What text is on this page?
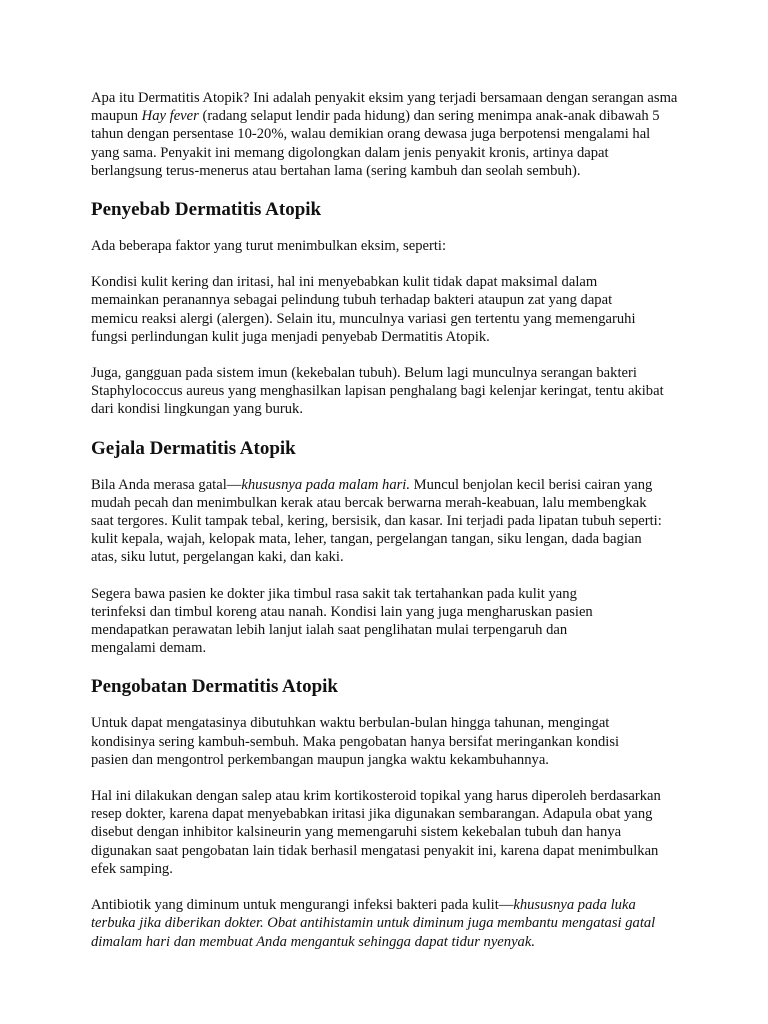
Apa itu Dermatitis Atopik? Ini adalah penyakit eksim yang terjadi bersamaan dengan serangan asma maupun Hay fever (radang selaput lendir pada hidung) dan sering menimpa anak-anak dibawah 5 tahun dengan persentase 10-20%, walau demikian orang dewasa juga berpotensi mengalami hal yang sama. Penyakit ini memang digolongkan dalam jenis penyakit kronis, artinya dapat berlangsung terus-menerus atau bertahan lama (sering kambuh dan seolah sembuh).

Penyebab Dermatitis Atopik

Ada beberapa faktor yang turut menimbulkan eksim, seperti:

Kondisi kulit kering dan iritasi, hal ini menyebabkan kulit tidak dapat maksimal dalam memainkan peranannya sebagai pelindung tubuh terhadap bakteri ataupun zat yang dapat memicu reaksi alergi (alergen). Selain itu, munculnya variasi gen tertentu yang memengaruhi fungsi perlindungan kulit juga menjadi penyebab Dermatitis Atopik.

Juga, gangguan pada sistem imun (kekebalan tubuh). Belum lagi munculnya serangan bakteri Staphylococcus aureus yang menghasilkan lapisan penghalang bagi kelenjar keringat, tentu akibat dari kondisi lingkungan yang buruk.

Gejala Dermatitis Atopik

Bila Anda merasa gatal—khususnya pada malam hari. Muncul benjolan kecil berisi cairan yang mudah pecah dan menimbulkan kerak atau bercak berwarna merah-keabuan, lalu membengkak saat tergores. Kulit tampak tebal, kering, bersisik, dan kasar. Ini terjadi pada lipatan tubuh seperti: kulit kepala, wajah, kelopak mata, leher, tangan, pergelangan tangan, siku lengan, dada bagian atas, siku lutut, pergelangan kaki, dan kaki.

Segera bawa pasien ke dokter jika timbul rasa sakit tak tertahankan pada kulit yang terinfeksi dan timbul koreng atau nanah. Kondisi lain yang juga mengharuskan pasien mendapatkan perawatan lebih lanjut ialah saat penglihatan mulai terpengaruh dan mengalami demam.

Pengobatan Dermatitis Atopik

Untuk dapat mengatasinya dibutuhkan waktu berbulan-bulan hingga tahunan, mengingat kondisinya sering kambuh-sembuh. Maka pengobatan hanya bersifat meringankan kondisi pasien dan mengontrol perkembangan maupun jangka waktu kekambuhannya.

Hal ini dilakukan dengan salep atau krim kortikosteroid topikal yang harus diperoleh berdasarkan resep dokter, karena dapat menyebabkan iritasi jika digunakan sembarangan. Adapula obat yang disebut dengan inhibitor kalsineurin yang memengaruhi sistem kekebalan tubuh dan hanya digunakan saat pengobatan lain tidak berhasil mengatasi penyakit ini, karena dapat menimbulkan efek samping.

Antibiotik yang diminum untuk mengurangi infeksi bakteri pada kulit—khususnya pada luka terbuka jika diberikan dokter. Obat antihistamin untuk diminum juga membantu mengatasi gatal dimalam hari dan membuat Anda mengantuk sehingga dapat tidur nyenyak.
